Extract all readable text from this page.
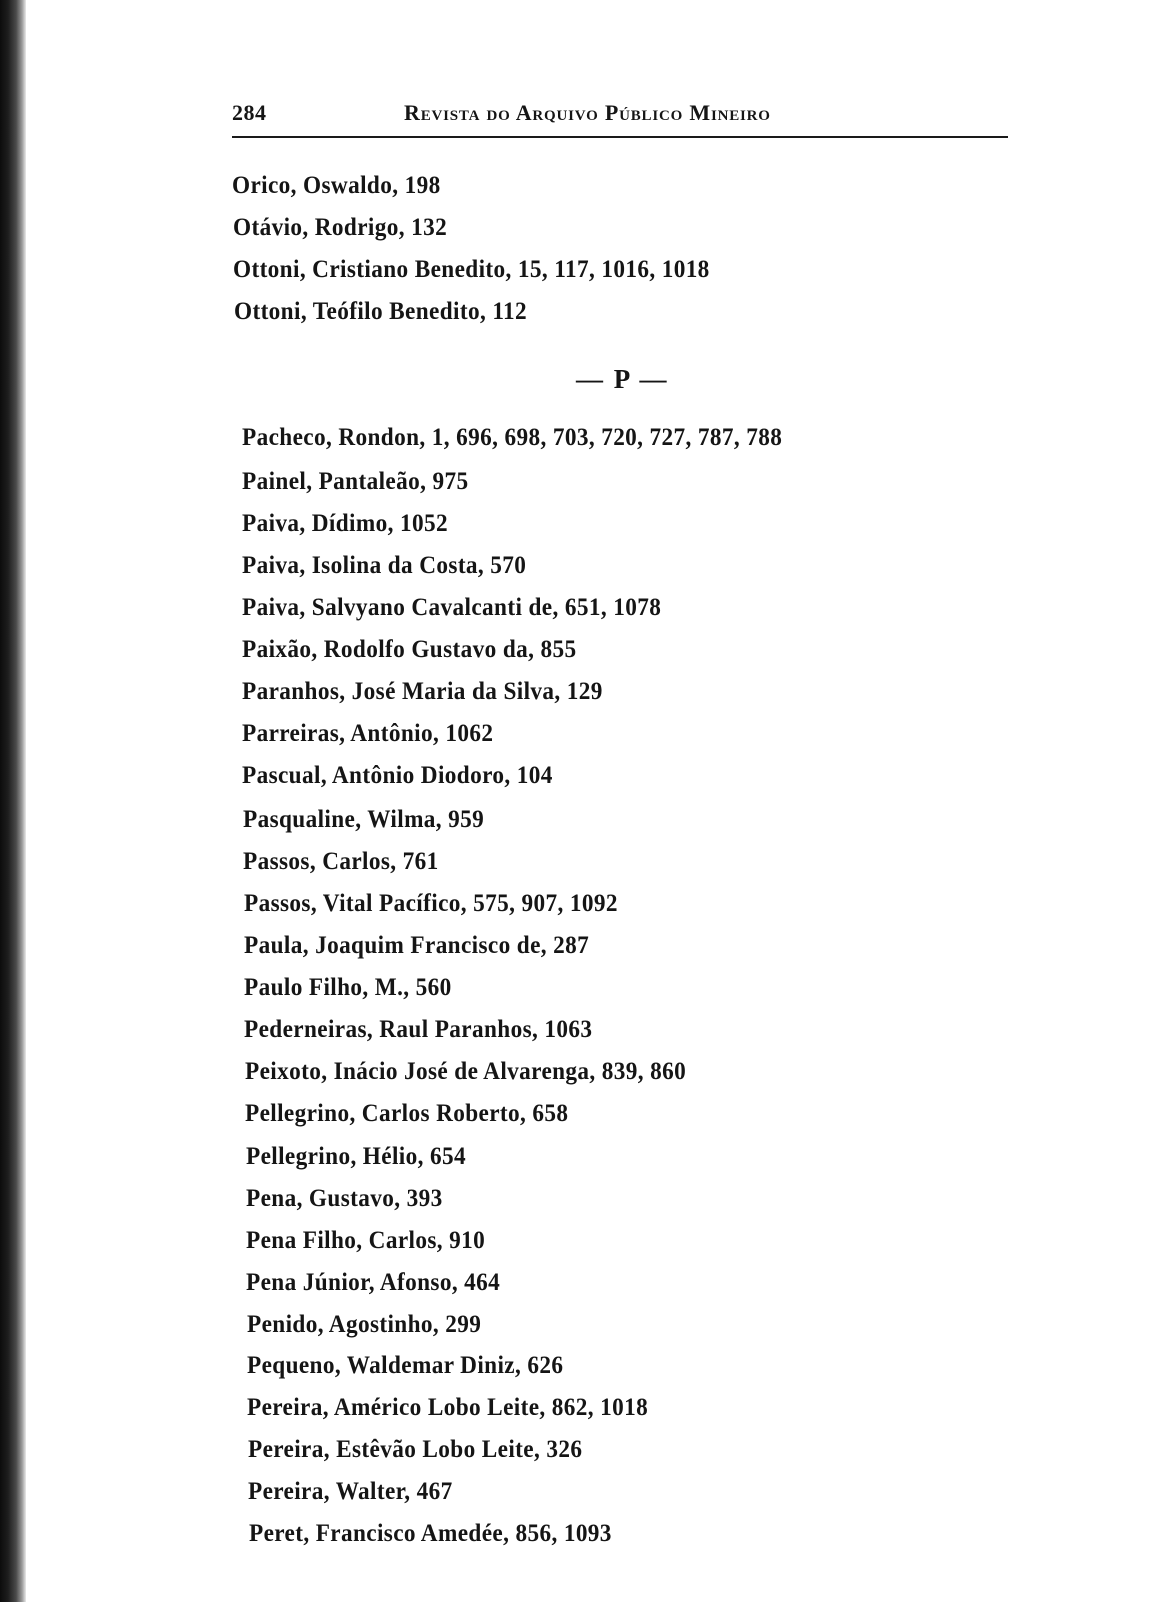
284	Revista do Arquivo Público Mineiro
Orico, Oswaldo, 198
Otávio, Rodrigo, 132
Ottoni, Cristiano Benedito, 15, 117, 1016, 1018
Ottoni, Teófilo Benedito, 112
— P —
Pacheco, Rondon, 1, 696, 698, 703, 720, 727, 787, 788
Painel, Pantaleão, 975
Paiva, Dídimo, 1052
Paiva, Isolina da Costa, 570
Paiva, Salvyano Cavalcanti de, 651, 1078
Paixão, Rodolfo Gustavo da, 855
Paranhos, José Maria da Silva, 129
Parreiras, Antônio, 1062
Pascual, Antônio Diodoro, 104
Pasqualine, Wilma, 959
Passos, Carlos, 761
Passos, Vital Pacífico, 575, 907, 1092
Paula, Joaquim Francisco de, 287
Paulo Filho, M., 560
Pederneiras, Raul Paranhos, 1063
Peixoto, Inácio José de Alvarenga, 839, 860
Pellegrino, Carlos Roberto, 658
Pellegrino, Hélio, 654
Pena, Gustavo, 393
Pena Filho, Carlos, 910
Pena Júnior, Afonso, 464
Penido, Agostinho, 299
Pequeno, Waldemar Diniz, 626
Pereira, Américo Lobo Leite, 862, 1018
Pereira, Estêvão Lobo Leite, 326
Pereira, Walter, 467
Peret, Francisco Amedée, 856, 1093
